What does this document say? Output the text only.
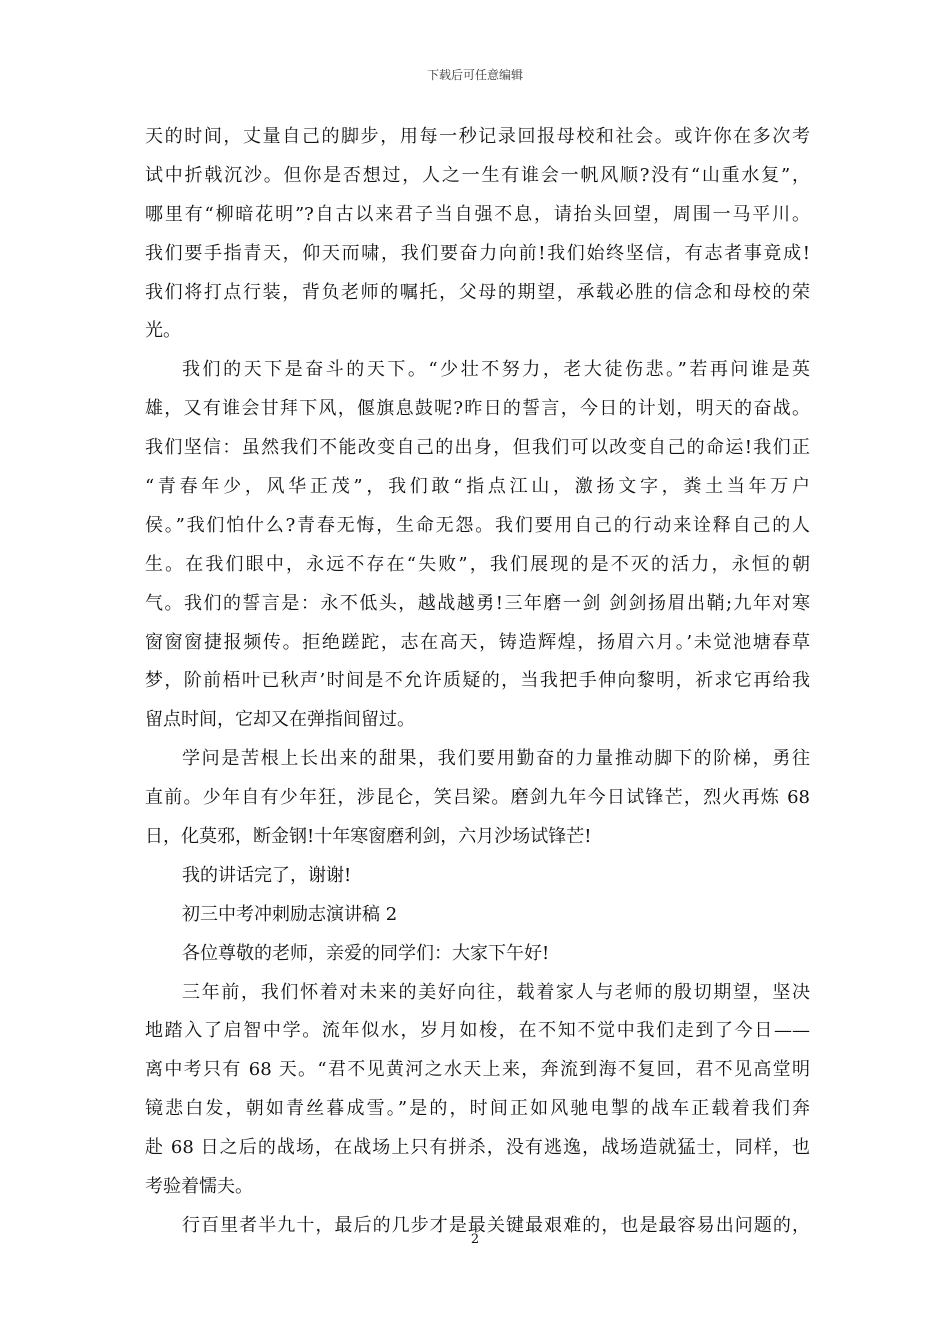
下载后可任意编辑
天的时间，丈量自己的脚步，用每一秒记录回报母校和社会。或许你在多次考
试中折戟沉沙。但你是否想过，人之一生有谁会一帆风顺?没有“山重水复”，
哪里有“柳暗花明”?自古以来君子当自强不息，请抬头回望，周围一马平川。
我们要手指青天，仰天而啸，我们要奋力向前!我们始终坚信，有志者事竟成!
我们将打点行装，背负老师的嘱托，父母的期望，承载必胜的信念和母校的荣
光。
我们的天下是奋斗的天下。“少壮不努力，老大徒伤悲。”若再问谁是英
雄，又有谁会甘拜下风，偃旗息鼓呢?昨日的誓言，今日的计划，明天的奋战。
我们坚信：虽然我们不能改变自己的出身，但我们可以改变自己的命运!我们正
“青春年少，风华正茂”，我们敢“指点江山，激扬文字，粪土当年万户
侯。”我们怕什么?青春无悔，生命无怨。我们要用自己的行动来诠释自己的人
生。在我们眼中，永远不存在“失败”，我们展现的是不灭的活力，永恒的朝
气。我们的誓言是：永不低头，越战越勇!三年磨一剑 剑剑扬眉出鞘;九年对寒
窗窗窗捷报频传。拒绝蹉跎，志在高天，铸造辉煌，扬眉六月。’未觉池塘春草
梦，阶前梧叶已秋声’时间是不允许质疑的，当我把手伸向黎明，祈求它再给我
留点时间，它却又在弹指间留过。
学问是苦根上长出来的甜果，我们要用勤奋的力量推动脚下的阶梯，勇往
直前。少年自有少年狂，涉昆仑，笑吕梁。磨剑九年今日试锋芒，烈火再炼 68
日，化莫邪，断金钢!十年寒窗磨利剑，六月沙场试锋芒!
我的讲话完了，谢谢!
初三中考冲刺励志演讲稿 2
各位尊敬的老师，亲爱的同学们：大家下午好!
三年前，我们怀着对未来的美好向往，载着家人与老师的殷切期望，坚决
地踏入了启智中学。流年似水，岁月如梭，在不知不觉中我们走到了今日——
离中考只有 68 天。“君不见黄河之水天上来，奔流到海不复回，君不见高堂明
镜悲白发，朝如青丝暮成雪。”是的，时间正如风驰电掣的战车正载着我们奔
赴 68 日之后的战场，在战场上只有拼杀，没有逃逸，战场造就猛士，同样，也
考验着懦夫。
行百里者半九十，最后的几步才是最关键最艰难的，也是最容易出问题的，
2
